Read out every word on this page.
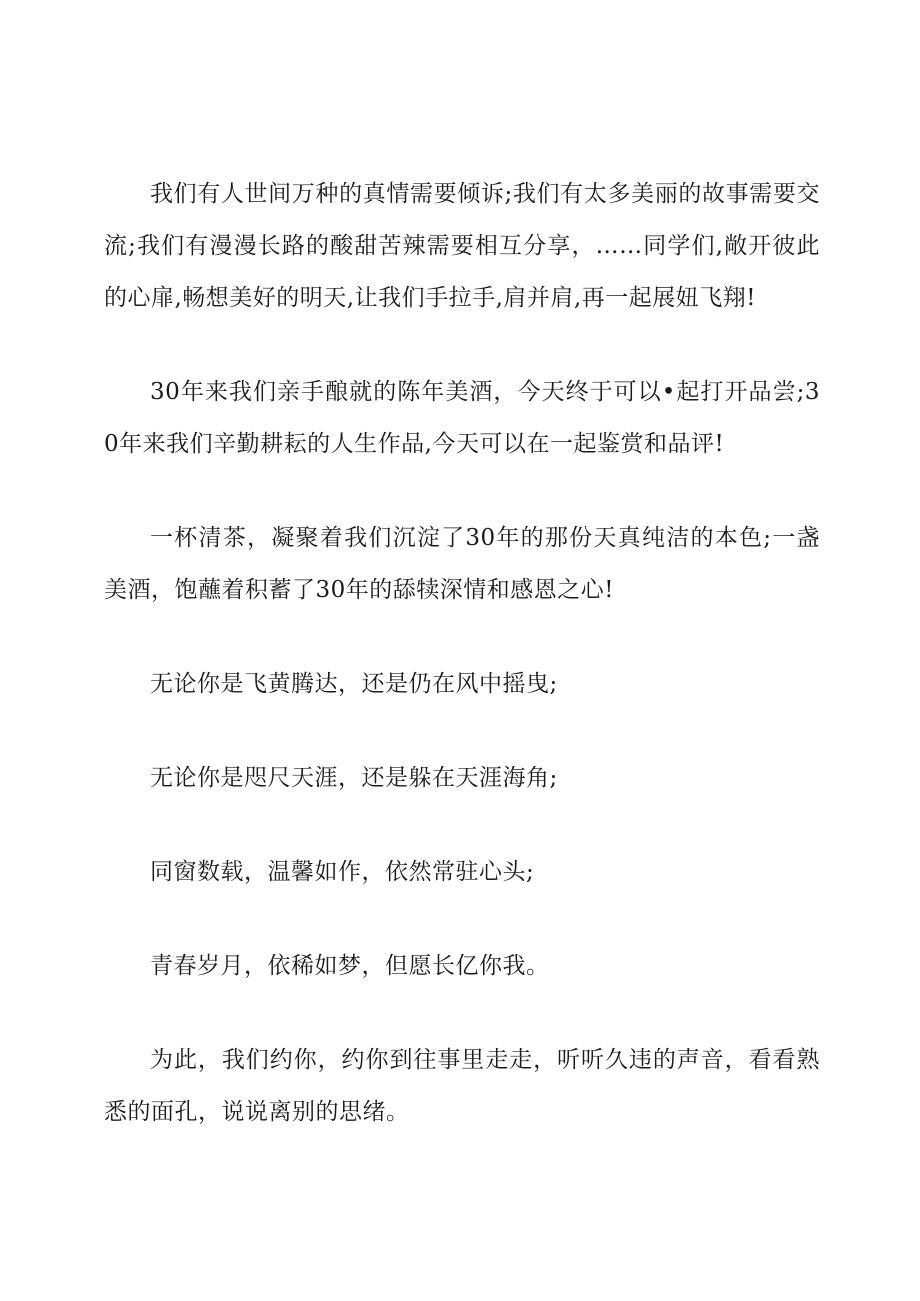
我们有人世间万种的真情需要倾诉;我们有太多美丽的故事需要交流;我们有漫漫长路的酸甜苦辣需要相互分享，……同学们,敞开彼此的心扉,畅想美好的明天,让我们手拉手,肩并肩,再一起展妞飞翔!

30年来我们亲手酿就的陈年美酒，今天终于可以•起打开品尝;30年来我们辛勤耕耘的人生作品,今天可以在一起鉴赏和品评!

一杯清茶，凝聚着我们沉淀了30年的那份天真纯洁的本色;一盏美酒，饱蘸着积蓄了30年的舔犊深情和感恩之心!

无论你是飞黄腾达，还是仍在风中摇曳;

无论你是咫尺天涯，还是躲在天涯海角;

同窗数载，温馨如作，依然常驻心头;

青春岁月，依稀如梦，但愿长亿你我。

为此，我们约你，约你到往事里走走，听听久违的声音，看看熟悉的面孔，说说离别的思绪。
